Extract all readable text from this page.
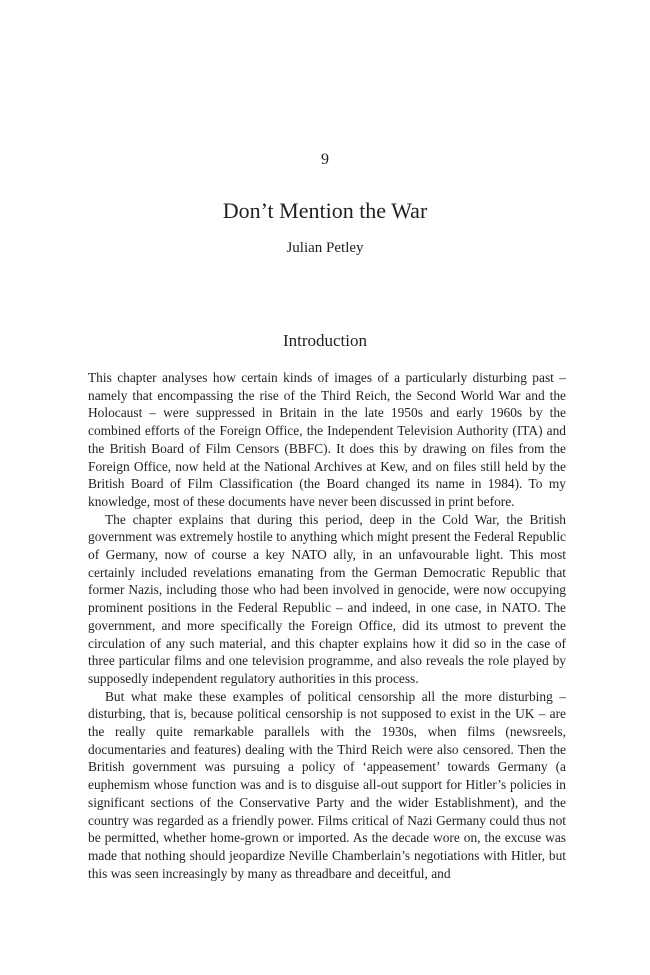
9
Don’t Mention the War
Julian Petley
Introduction

This chapter analyses how certain kinds of images of a particularly disturbing past – namely that encompassing the rise of the Third Reich, the Second World War and the Holocaust – were suppressed in Britain in the late 1950s and early 1960s by the combined efforts of the Foreign Office, the Independent Television Authority (ITA) and the British Board of Film Censors (BBFC). It does this by drawing on files from the Foreign Office, now held at the National Archives at Kew, and on files still held by the British Board of Film Classification (the Board changed its name in 1984). To my knowledge, most of these documents have never been discussed in print before.

The chapter explains that during this period, deep in the Cold War, the British government was extremely hostile to anything which might present the Federal Republic of Germany, now of course a key NATO ally, in an unfavourable light. This most certainly included revelations emanating from the German Democratic Republic that former Nazis, including those who had been involved in genocide, were now occupying prominent positions in the Federal Republic – and indeed, in one case, in NATO. The government, and more specifically the Foreign Office, did its utmost to prevent the circulation of any such material, and this chapter explains how it did so in the case of three particular films and one television programme, and also reveals the role played by supposedly independent regulatory authorities in this process.

But what make these examples of political censorship all the more disturbing – disturbing, that is, because political censorship is not supposed to exist in the UK – are the really quite remarkable parallels with the 1930s, when films (newsreels, documentaries and features) dealing with the Third Reich were also censored. Then the British government was pursuing a policy of ‘appeasement’ towards Germany (a euphemism whose function was and is to disguise all-out support for Hitler’s policies in significant sections of the Conservative Party and the wider Establishment), and the country was regarded as a friendly power. Films critical of Nazi Germany could thus not be permitted, whether home-grown or imported. As the decade wore on, the excuse was made that nothing should jeopardize Neville Chamberlain’s negotiations with Hitler, but this was seen increasingly by many as threadbare and deceitful, and
